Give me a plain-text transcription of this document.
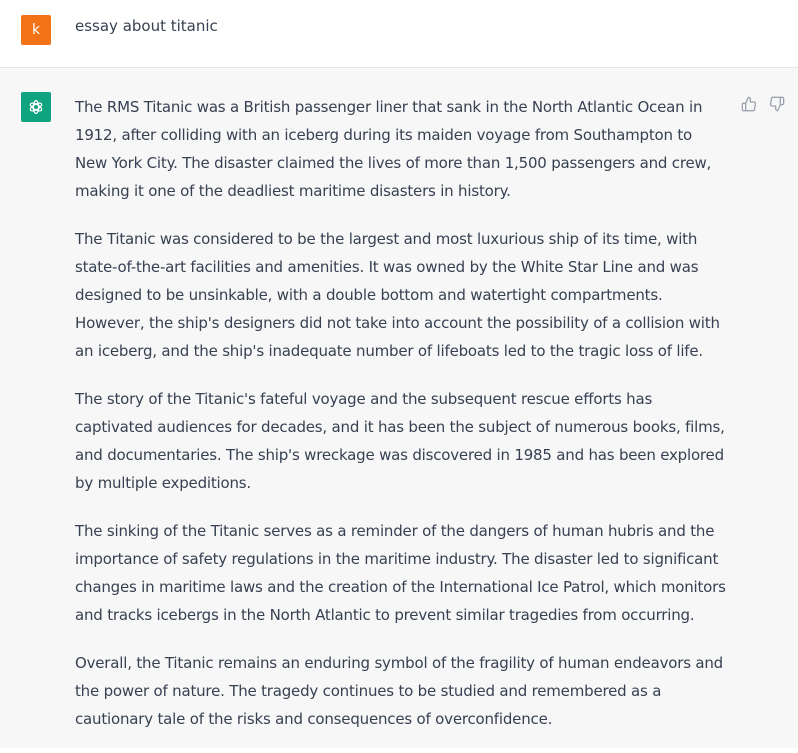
k	essay about titanic

The RMS Titanic was a British passenger liner that sank in the North Atlantic Ocean in 1912, after colliding with an iceberg during its maiden voyage from Southampton to New York City. The disaster claimed the lives of more than 1,500 passengers and crew, making it one of the deadliest maritime disasters in history.

The Titanic was considered to be the largest and most luxurious ship of its time, with state-of-the-art facilities and amenities. It was owned by the White Star Line and was designed to be unsinkable, with a double bottom and watertight compartments. However, the ship's designers did not take into account the possibility of a collision with an iceberg, and the ship's inadequate number of lifeboats led to the tragic loss of life.

The story of the Titanic's fateful voyage and the subsequent rescue efforts has captivated audiences for decades, and it has been the subject of numerous books, films, and documentaries. The ship's wreckage was discovered in 1985 and has been explored by multiple expeditions.

The sinking of the Titanic serves as a reminder of the dangers of human hubris and the importance of safety regulations in the maritime industry. The disaster led to significant changes in maritime laws and the creation of the International Ice Patrol, which monitors and tracks icebergs in the North Atlantic to prevent similar tragedies from occurring.

Overall, the Titanic remains an enduring symbol of the fragility of human endeavors and the power of nature. The tragedy continues to be studied and remembered as a cautionary tale of the risks and consequences of overconfidence.
